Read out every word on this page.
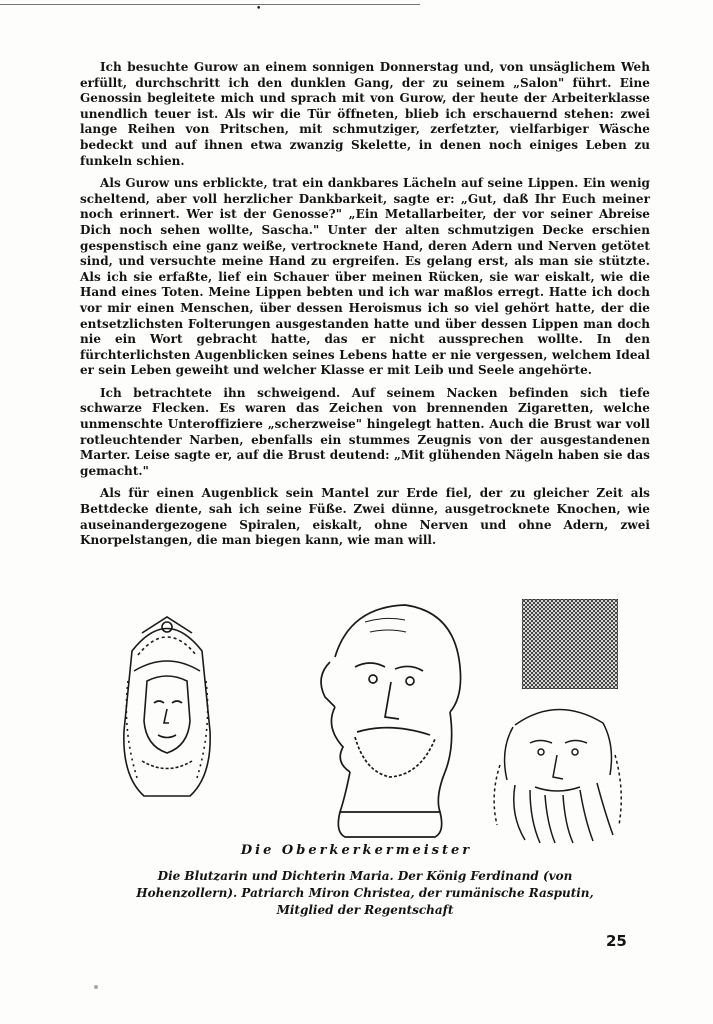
•

Ich besuchte Gurow an einem sonnigen Donnerstag und, von unsäglichem Weh erfüllt, durchschritt ich den dunklen Gang, der zu seinem „Salon" führt. Eine Genossin begleitete mich und sprach mit von Gurow, der heute der Arbeiterklasse unendlich teuer ist. Als wir die Tür öffneten, blieb ich erschauernd stehen: zwei lange Reihen von Pritschen, mit schmutziger, zerfetzter, vielfarbiger Wäsche bedeckt und auf ihnen etwa zwanzig Skelette, in denen noch einiges Leben zu funkeln schien.

Als Gurow uns erblickte, trat ein dankbares Lächeln auf seine Lippen. Ein wenig scheltend, aber voll herzlicher Dankbarkeit, sagte er: „Gut, daß Ihr Euch meiner noch erinnert. Wer ist der Genosse?" „Ein Metallarbeiter, der vor seiner Abreise Dich noch sehen wollte, Sascha." Unter der alten schmutzigen Decke erschien gespenstisch eine ganz weiße, vertrocknete Hand, deren Adern und Nerven getötet sind, und versuchte meine Hand zu ergreifen. Es gelang erst, als man sie stützte. Als ich sie erfaßte, lief ein Schauer über meinen Rücken, sie war eiskalt, wie die Hand eines Toten. Meine Lippen bebten und ich war maßlos erregt. Hatte ich doch vor mir einen Menschen, über dessen Heroismus ich so viel gehört hatte, der die entsetzlichsten Folterungen ausgestanden hatte und über dessen Lippen man doch nie ein Wort gebracht hatte, das er nicht aussprechen wollte. In den fürchterlichsten Augenblicken seines Lebens hatte er nie vergessen, welchem Ideal er sein Leben geweiht und welcher Klasse er mit Leib und Seele angehörte.

Ich betrachtete ihn schweigend. Auf seinem Nacken befinden sich tiefe schwarze Flecken. Es waren das Zeichen von brennenden Zigaretten, welche unmenschte Unteroffiziere „scherzweise" hingelegt hatten. Auch die Brust war voll rotleuchtender Narben, ebenfalls ein stummes Zeugnis von der ausgestandenen Marter. Leise sagte er, auf die Brust deutend: „Mit glühenden Nägeln haben sie das gemacht."

Als für einen Augenblick sein Mantel zur Erde fiel, der zu gleicher Zeit als Bettdecke diente, sah ich seine Füße. Zwei dünne, ausgetrocknete Knochen, wie auseinandergezogene Spiralen, eiskalt, ohne Nerven und ohne Adern, zwei Knorpelstangen, die man biegen kann, wie man will.

Die Oberkerkermeister
Die Blutzarin und Dichterin Maria. Der König Ferdinand (von Hohenzollern). Patriarch Miron Christea, der rumänische Rasputin, Mitglied der Regentschaft
25
